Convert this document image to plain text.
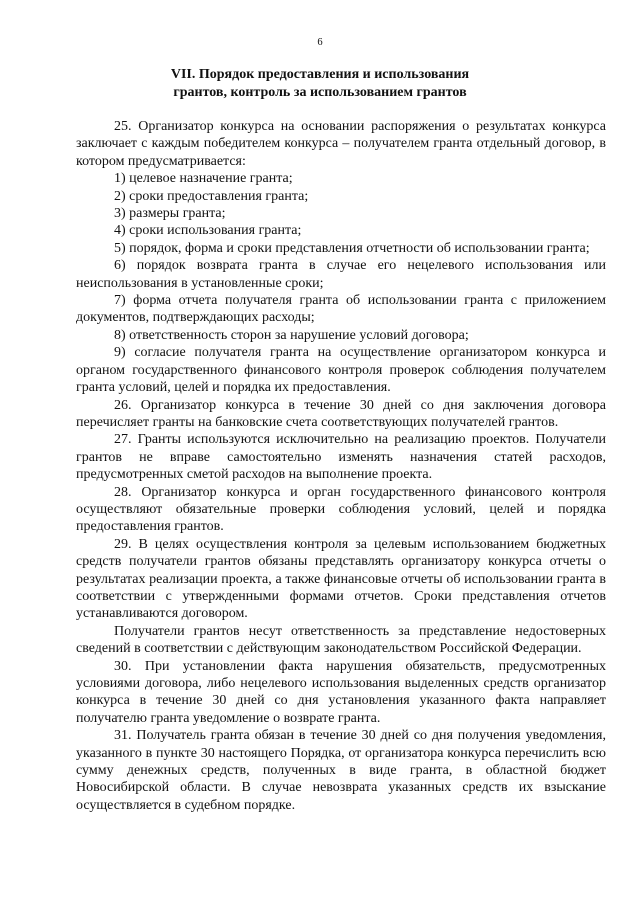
6
VII. Порядок предоставления и использования
грантов, контроль за использованием грантов

25. Организатор конкурса на основании распоряжения о результатах конкурса заключает с каждым победителем конкурса – получателем гранта отдельный договор, в котором предусматривается:

1) целевое назначение гранта;

2) сроки предоставления гранта;

3) размеры гранта;

4) сроки использования гранта;

5) порядок, форма и сроки представления отчетности об использовании гранта;

6) порядок возврата гранта в случае его нецелевого использования или неиспользования в установленные сроки;

7) форма отчета получателя гранта об использовании гранта с приложением документов, подтверждающих расходы;

8) ответственность сторон за нарушение условий договора;

9) согласие получателя гранта на осуществление организатором конкурса и органом государственного финансового контроля проверок соблюдения получателем гранта условий, целей и порядка их предоставления.

26. Организатор конкурса в течение 30 дней со дня заключения договора перечисляет гранты на банковские счета соответствующих получателей грантов.

27. Гранты используются исключительно на реализацию проектов. Получатели грантов не вправе самостоятельно изменять назначения статей расходов, предусмотренных сметой расходов на выполнение проекта.

28. Организатор конкурса и орган государственного финансового контроля осуществляют обязательные проверки соблюдения условий, целей и порядка предоставления грантов.

29. В целях осуществления контроля за целевым использованием бюджетных средств получатели грантов обязаны представлять организатору конкурса отчеты о результатах реализации проекта, а также финансовые отчеты об использовании гранта в соответствии с утвержденными формами отчетов. Сроки представления отчетов устанавливаются договором.

Получатели грантов несут ответственность за представление недостоверных сведений в соответствии с действующим законодательством Российской Федерации.

30. При установлении факта нарушения обязательств, предусмотренных условиями договора, либо нецелевого использования выделенных средств организатор конкурса в течение 30 дней со дня установления указанного факта направляет получателю гранта уведомление о возврате гранта.

31. Получатель гранта обязан в течение 30 дней со дня получения уведомления, указанного в пункте 30 настоящего Порядка, от организатора конкурса перечислить всю сумму денежных средств, полученных в виде гранта, в областной бюджет Новосибирской области. В случае невозврата указанных средств их взыскание осуществляется в судебном порядке.
